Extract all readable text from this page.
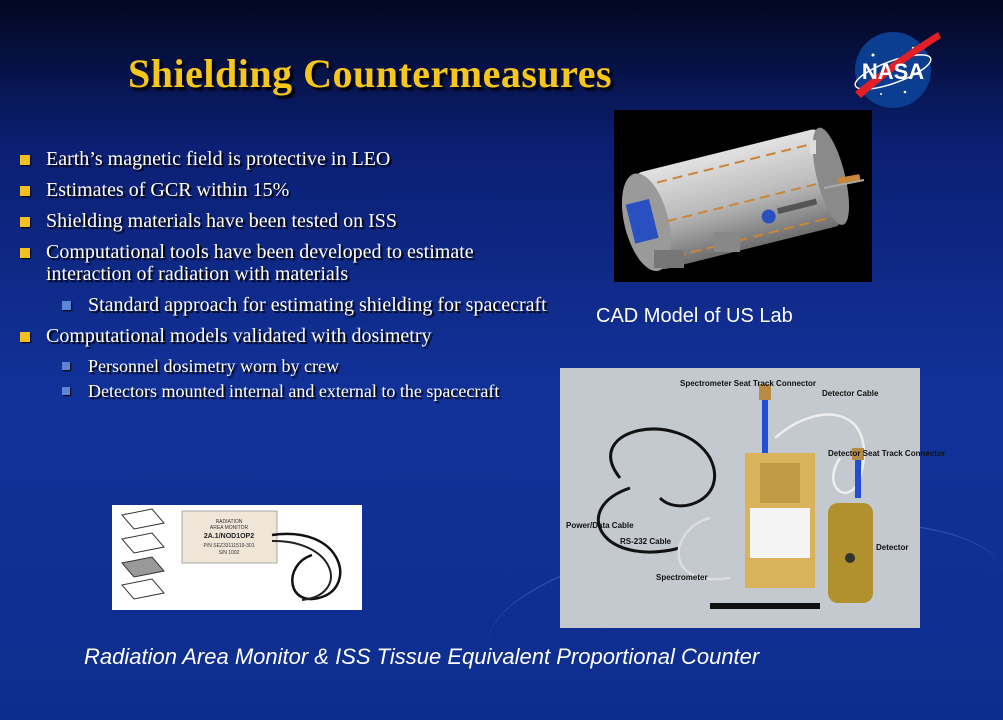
Shielding Countermeasures	NASA
Earth’s magnetic field is protective in LEO
Estimates of GCR within 15%
Shielding materials have been tested on ISS
Computational tools have been developed to estimate interaction of radiation with materials
Standard approach for estimating shielding for spacecraft
Computational models validated with dosimetry
Personnel dosimetry worn by crew
Detectors mounted internal and external to the spacecraft
CAD Model of US Lab
Spectrometer Seat Track Connector
Detector Cable
Detector Seat Track Connector
Power/Data Cable
RS-232 Cable
Spectrometer
Detector
RADIATION
AREA MONITOR
2A.1/NOD1OP2
P/N SEZ33111519-301
S/N 1002
Radiation Area Monitor & ISS Tissue Equivalent Proportional Counter
